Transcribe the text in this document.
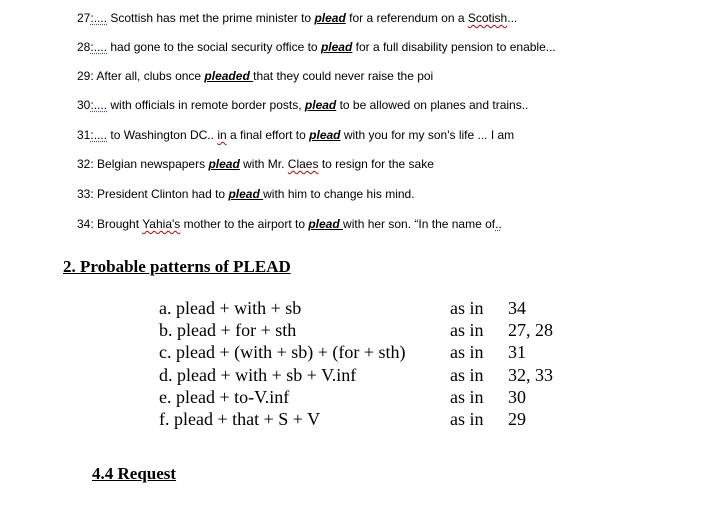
27:.... Scottish has met the prime minister to plead for a referendum on a Scotish...
28:.... had gone to the social security office to plead for a full disability pension to enable...
29: After all, clubs once pleaded that they could never raise the poi
30:.... with officials in remote border posts, plead to be allowed on planes and trains..
31:.... to Washington DC.. in a final effort to plead with you for my son's life ... I am
32: Belgian newspapers plead with Mr. Claes to resign for the sake
33: President Clinton had to plead with him to change his mind.
34: Brought Yahia's mother to the airport to plead with her son. “In the name of..
2. Probable patterns of PLEAD
a. plead + with + sb	as in 34
b. plead + for + sth	as in 27, 28
c. plead + (with + sb) + (for + sth) as in 31
d. plead + with + sb + V.inf	as in 32, 33
e. plead + to-V.inf	as in 30
f. plead + that + S + V	as in 29
4.4 Request
